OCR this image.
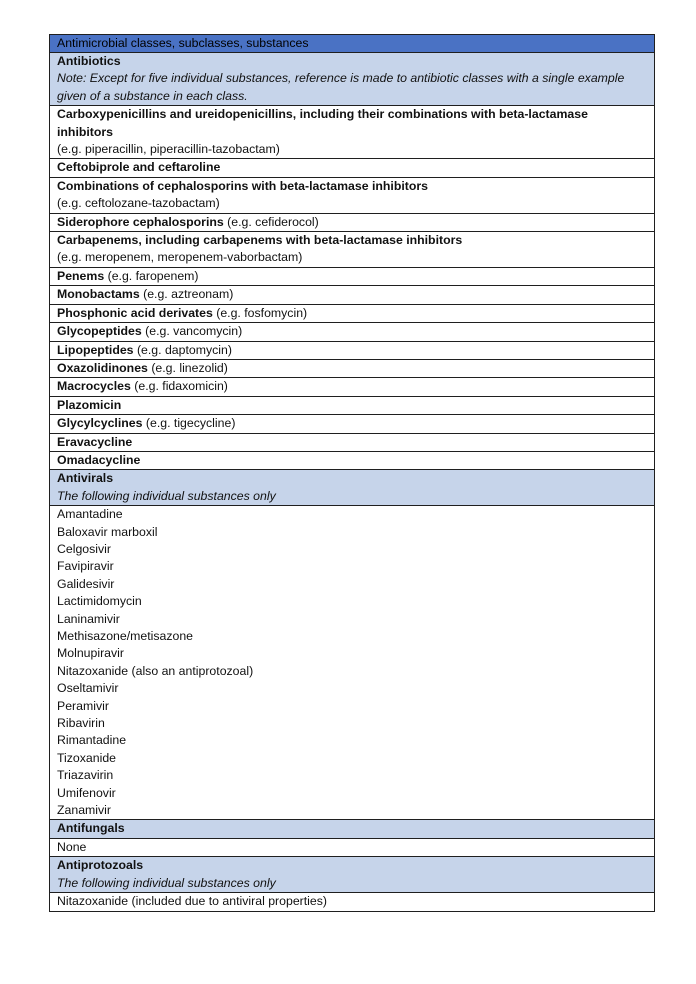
Antimicrobial classes, subclasses, substances

Antibiotics
Note: Except for five individual substances, reference is made to antibiotic classes with a single example given of a substance in each class.

Carboxypenicillins and ureidopenicillins, including their combinations with beta-lactamase inhibitors
(e.g. piperacillin, piperacillin-tazobactam)

Ceftobiprole and ceftaroline

Combinations of cephalosporins with beta-lactamase inhibitors
(e.g. ceftolozane-tazobactam)

Siderophore cephalosporins (e.g. cefiderocol)

Carbapenems, including carbapenems with beta-lactamase inhibitors
(e.g. meropenem, meropenem-vaborbactam)

Penems (e.g. faropenem)
Monobactams (e.g. aztreonam)
Phosphonic acid derivates (e.g. fosfomycin)
Glycopeptides (e.g. vancomycin)
Lipopeptides (e.g. daptomycin)
Oxazolidinones (e.g. linezolid)
Macrocycles (e.g. fidaxomicin)
Plazomicin
Glycylcyclines (e.g. tigecycline)
Eravacycline
Omadacycline

Antivirals
The following individual substances only

Amantadine
Baloxavir marboxil
Celgosivir
Favipiravir
Galidesivir
Lactimidomycin
Laninamivir
Methisazone/metisazone
Molnupiravir
Nitazoxanide (also an antiprotozoal)
Oseltamivir
Peramivir
Ribavirin
Rimantadine
Tizoxanide
Triazavirin
Umifenovir
Zanamivir

Antifungals

None

Antiprotozoals
The following individual substances only

Nitazoxanide (included due to antiviral properties)
